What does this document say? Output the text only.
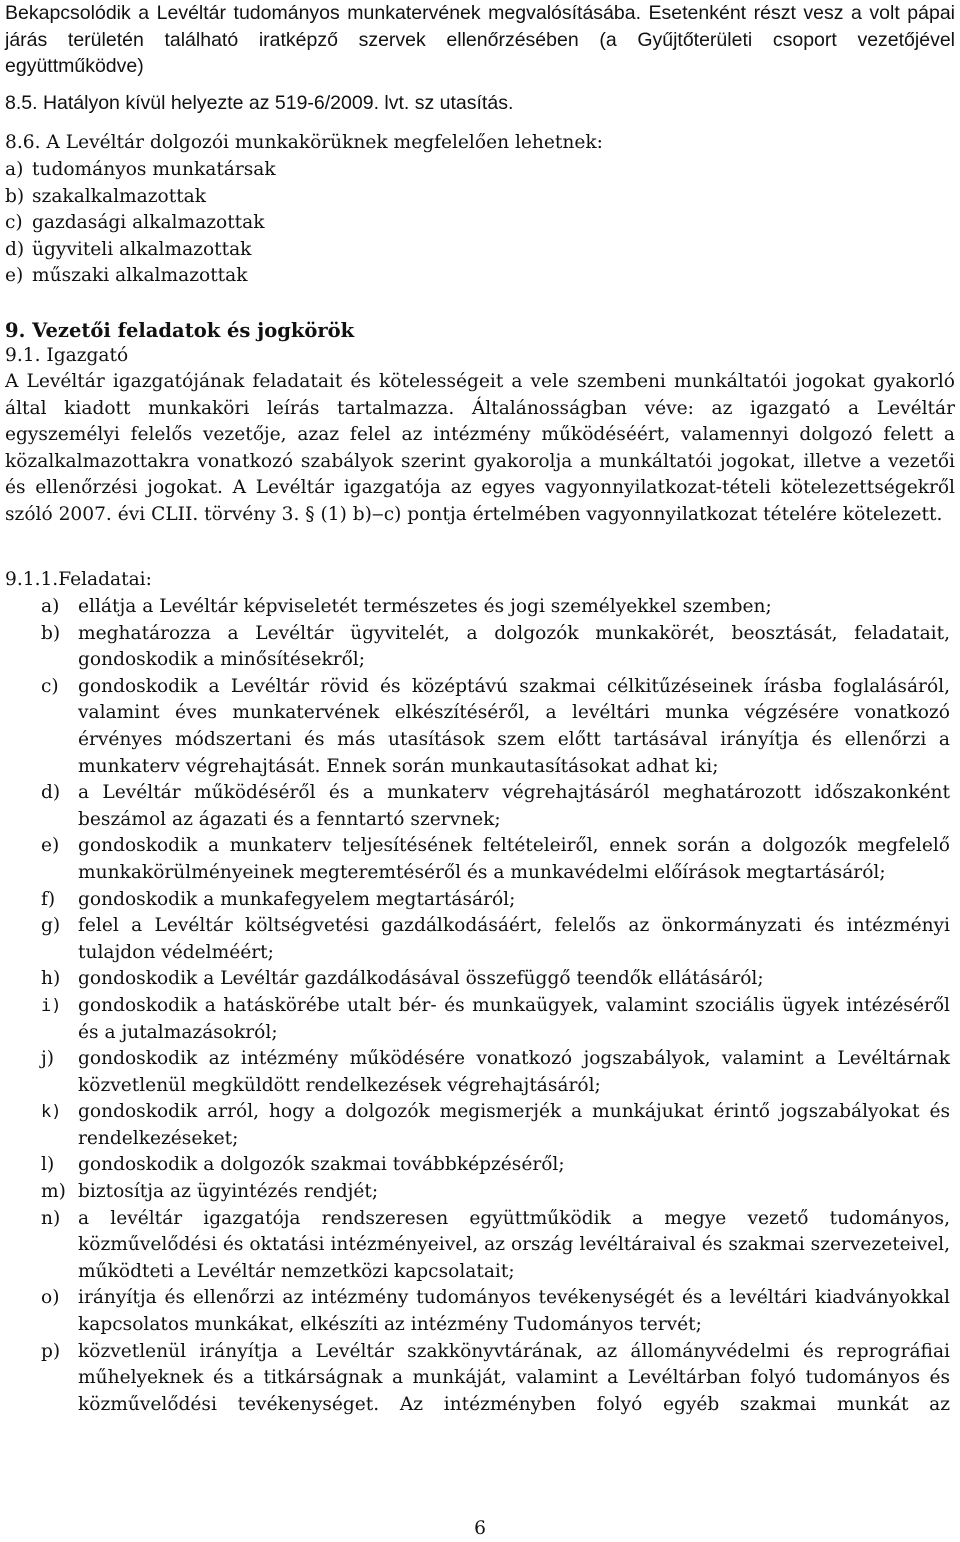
Bekapcsolódik a Levéltár tudományos munkatervének megvalósításába. Esetenként részt vesz a volt pápai járás területén található iratképző szervek ellenőrzésében (a Gyűjtőterületi csoport vezetőjével együttműködve)

8.5. Hatályon kívül helyezte az 519-6/2009. lvt. sz utasítás.

8.6. A Levéltár dolgozói munkakörüknek megfelelően lehetnek:

a) tudományos munkatársak
b) szakalkalmazottak
c) gazdasági alkalmazottak
d) ügyviteli alkalmazottak
e) műszaki alkalmazottak

9. Vezetői feladatok és jogkörök

9.1. Igazgató

A Levéltár igazgatójának feladatait és kötelességeit a vele szembeni munkáltatói jogokat gyakorló által kiadott munkaköri leírás tartalmazza. Általánosságban véve: az igazgató a Levéltár egyszemélyi felelős vezetője, azaz felel az intézmény működéséért, valamennyi dolgozó felett a közalkalmazottakra vonatkozó szabályok szerint gyakorolja a munkáltatói jogokat, illetve a vezetői és ellenőrzési jogokat. A Levéltár igazgatója az egyes vagyonnyilatkozat-tételi kötelezettségekről szóló 2007. évi CLII. törvény 3. § (1) b)‒c) pontja értelmében vagyonnyilatkozat tételére kötelezett.

9.1.1.Feladatai:

a)	ellátja a Levéltár képviseletét természetes és jogi személyekkel szemben;
b) meghatározza a Levéltár ügyvitelét, a dolgozók munkakörét, beosztását, feladatait, gondoskodik a minősítésekről;
c)	gondoskodik a Levéltár rövid és középtávú szakmai célkitűzéseinek írásba foglalásáról, valamint éves munkatervének elkészítéséről, a levéltári munka végzésére vonatkozó érvényes módszertani és más utasítások szem előtt tartásával irányítja és ellenőrzi a munkaterv végrehajtását. Ennek során munkautasításokat adhat ki;
d) a Levéltár működéséről és a munkaterv végrehajtásáról meghatározott időszakonként beszámol az ágazati és a fenntartó szervnek;
e)	gondoskodik a munkaterv teljesítésének feltételeiről, ennek során a dolgozók megfelelő munkakörülményeinek megteremtéséről és a munkavédelmi előírások megtartásáról;
f)	gondoskodik a munkafegyelem megtartásáról;
g) felel a Levéltár költségvetési gazdálkodásáért, felelős az önkormányzati és intézményi tulajdon védelméért;
h) gondoskodik a Levéltár gazdálkodásával összefüggő teendők ellátásáról;
i) gondoskodik a hatáskörébe utalt bér- és munkaügyek, valamint szociális ügyek intézéséről és a jutalmazásokról;
j)	gondoskodik az intézmény működésére vonatkozó jogszabályok, valamint a Levéltárnak közvetlenül megküldött rendelkezések végrehajtásáról;
k) gondoskodik arról, hogy a dolgozók megismerjék a munkájukat érintő jogszabályokat és rendelkezéseket;
l)	gondoskodik a dolgozók szakmai továbbképzéséről;
m) biztosítja az ügyintézés rendjét;
n) a levéltár igazgatója rendszeresen együttműködik a megye vezető tudományos, közművelődési és oktatási intézményeivel, az ország levéltáraival és szakmai szervezeteivel, működteti a Levéltár nemzetközi kapcsolatait;
o) irányítja és ellenőrzi az intézmény tudományos tevékenységét és a levéltári kiadványokkal kapcsolatos munkákat, elkészíti az intézmény Tudományos tervét;
p) közvetlenül irányítja a Levéltár szakkönyvtárának, az állományvédelmi és reprográfiai műhelyeknek és a titkárságnak a munkáját, valamint a Levéltárban folyó tudományos és közművelődési tevékenységet. Az intézményben folyó egyéb szakmai munkát az
6
